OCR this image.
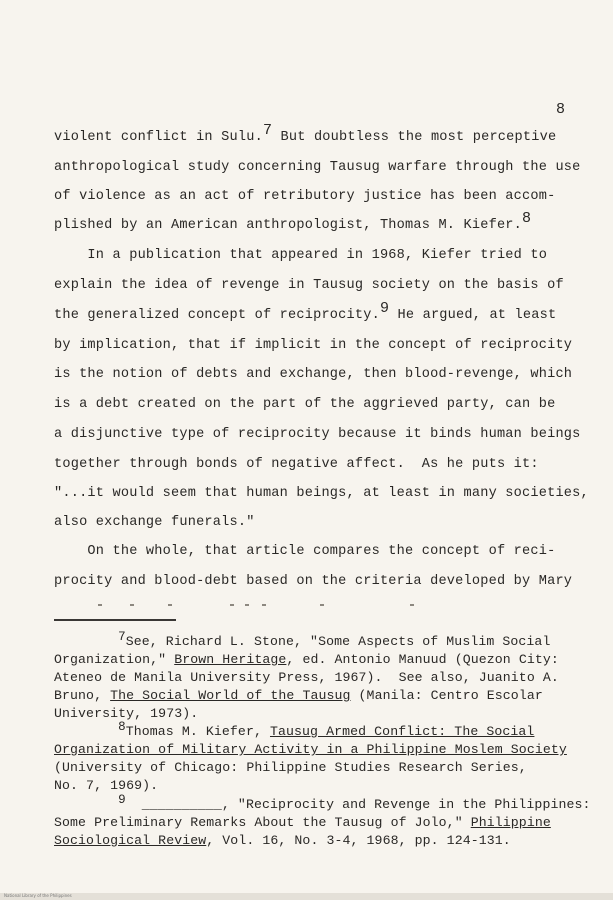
8
violent conflict in Sulu.$^7$ But doubtless the most perceptive
anthropological study concerning Tausug warfare through the use
of violence as an act of retributory justice has been accom-
plished by an American anthropologist, Thomas M. Kiefer.$^8$
In a publication that appeared in 1968, Kiefer tried to
explain the idea of revenge in Tausug society on the basis of
the generalized concept of reciprocity.$^9$ He argued, at least
by implication, that if implicit in the concept of reciprocity
is the notion of debts and exchange, then blood-revenge, which
is a debt created on the part of the aggrieved party, can be
a disjunctive type of reciprocity because it binds human beings
together through bonds of negative affect.  As he puts it:
"...it would seem that human beings, at least in many societies,
also exchange funerals."
On the whole, that article compares the concept of reci-
procity and blood-debt based on the criteria developed by Mary
$^7$See, Richard L. Stone, "Some Aspects of Muslim Social
Organization," Brown Heritage, ed. Antonio Manuud (Quezon City:
Ateneo de Manila University Press, 1967).  See also, Juanito A.
Bruno, The Social World of the Tausug (Manila: Centro Escolar
University, 1973).
$^8$Thomas M. Kiefer, Tausug Armed Conflict: The Social
Organization of Military Activity in a Philippine Moslem Society
(University of Chicago: Philippine Studies Research Series,
No. 7, 1969).
$^9$  __________, "Reciprocity and Revenge in the Philippines:
Some Preliminary Remarks About the Tausug of Jolo," Philippine
Sociological Review, Vol. 16, No. 3-4, 1968, pp. 124-131.
National Library of the Philippines
